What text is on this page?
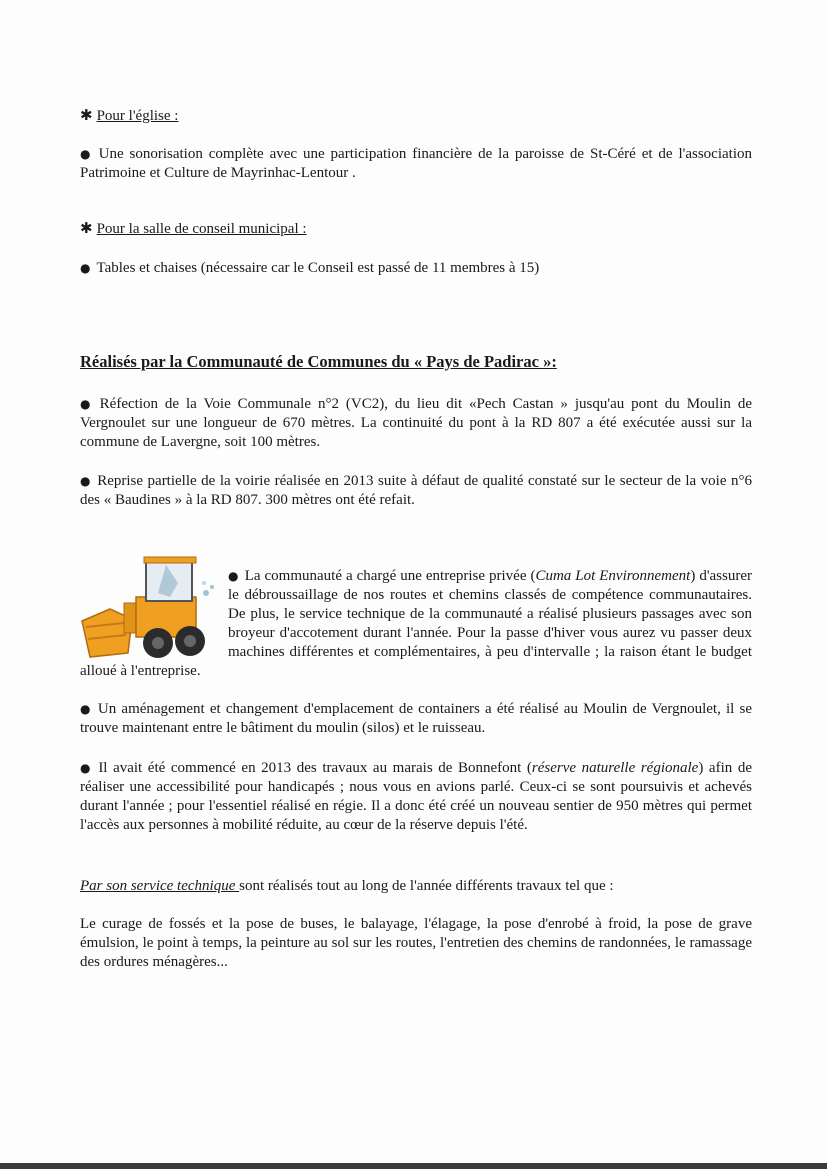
✱ Pour l'église :
● Une sonorisation complète avec une participation financière de la paroisse de St-Céré et de l'association Patrimoine et Culture de Mayrinhac-Lentour .
✱ Pour la salle de conseil municipal :
● Tables et chaises (nécessaire car le Conseil est passé de 11 membres à 15)
Réalisés par la Communauté de Communes du « Pays de Padirac »:
● Réfection de la Voie Communale n°2 (VC2), du lieu dit «Pech Castan » jusqu'au pont du Moulin de Vergnoulet sur une longueur de 670 mètres. La continuité du pont à la RD 807 a été exécutée aussi sur la commune de Lavergne, soit 100 mètres.
● Reprise partielle de la voirie réalisée en 2013 suite à défaut de qualité constaté sur le secteur de la voie n°6 des « Baudines » à la RD 807. 300 mètres ont été refait.
● La communauté a chargé une entreprise privée (Cuma Lot Environnement) d'assurer le débroussaillage de nos routes et chemins classés de compétence communautaires. De plus, le service technique de la communauté a réalisé plusieurs passages avec son broyeur d'accotement durant l'année. Pour la passe d'hiver vous aurez vu passer deux machines différentes et complémentaires, à peu d'intervalle ; la raison étant le budget alloué à l'entreprise.
● Un aménagement et changement d'emplacement de containers a été réalisé au Moulin de Vergnoulet, il se trouve maintenant entre le bâtiment du moulin (silos) et le ruisseau.
● Il avait été commencé en 2013 des travaux au marais de Bonnefont (réserve naturelle régionale) afin de réaliser une accessibilité pour handicapés ; nous vous en avions parlé. Ceux-ci se sont poursuivis et achevés durant l'année ; pour l'essentiel réalisé en régie. Il a donc été créé un nouveau sentier de 950 mètres qui permet l'accès aux personnes à mobilité réduite, au cœur de la réserve depuis l'été.
Par son service technique sont réalisés tout au long de l'année différents travaux tel que :
Le curage de fossés et la pose de buses, le balayage, l'élagage, la pose d'enrobé à froid, la pose de grave émulsion, le point à temps, la peinture au sol sur les routes, l'entretien des chemins de randonnées, le ramassage des ordures ménagères...
